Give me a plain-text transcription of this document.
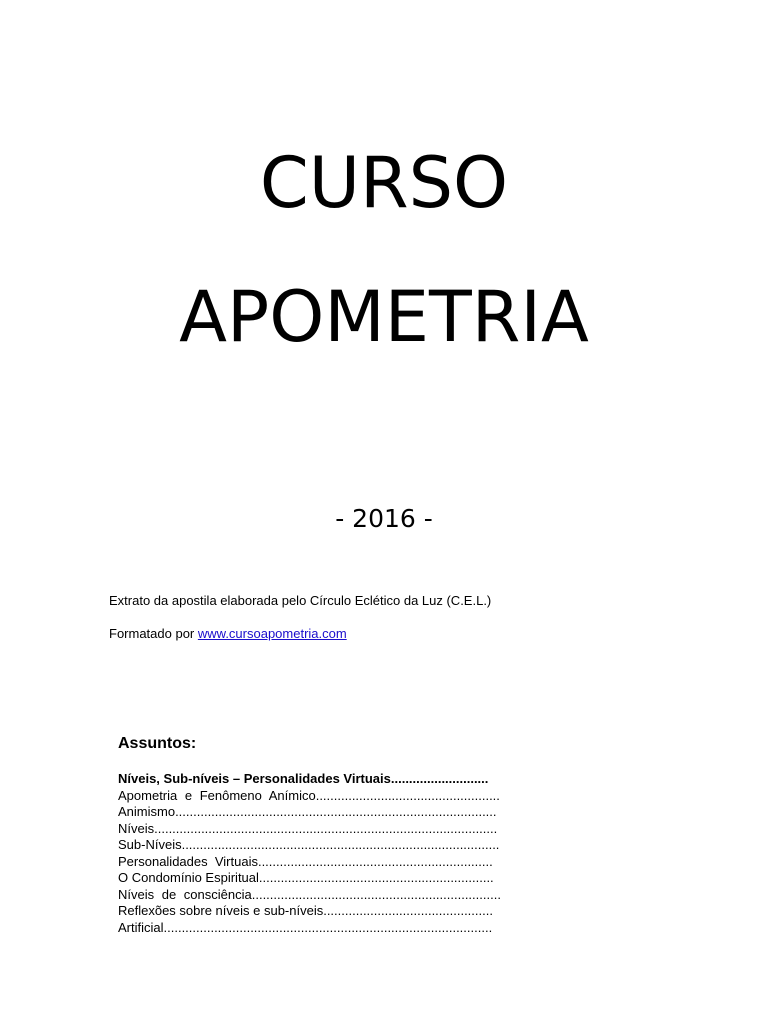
CURSO
APOMETRIA
- 2016 -
Extrato da apostila elaborada pelo Círculo Eclético da Luz (C.E.L.)
Formatado por www.cursoapometria.com
Assuntos:
Níveis, Sub-níveis – Personalidades Virtuais...........................
Apometria e Fenômeno Anímico...................................................
Animismo.........................................................................................
Níveis...............................................................................................
Sub-Níveis........................................................................................
Personalidades  Virtuais.................................................................
O Condomínio Espiritual.................................................................
Níveis de consciência.....................................................................
Reflexões sobre níveis e sub-níveis...............................................
Artificial...........................................................................................
